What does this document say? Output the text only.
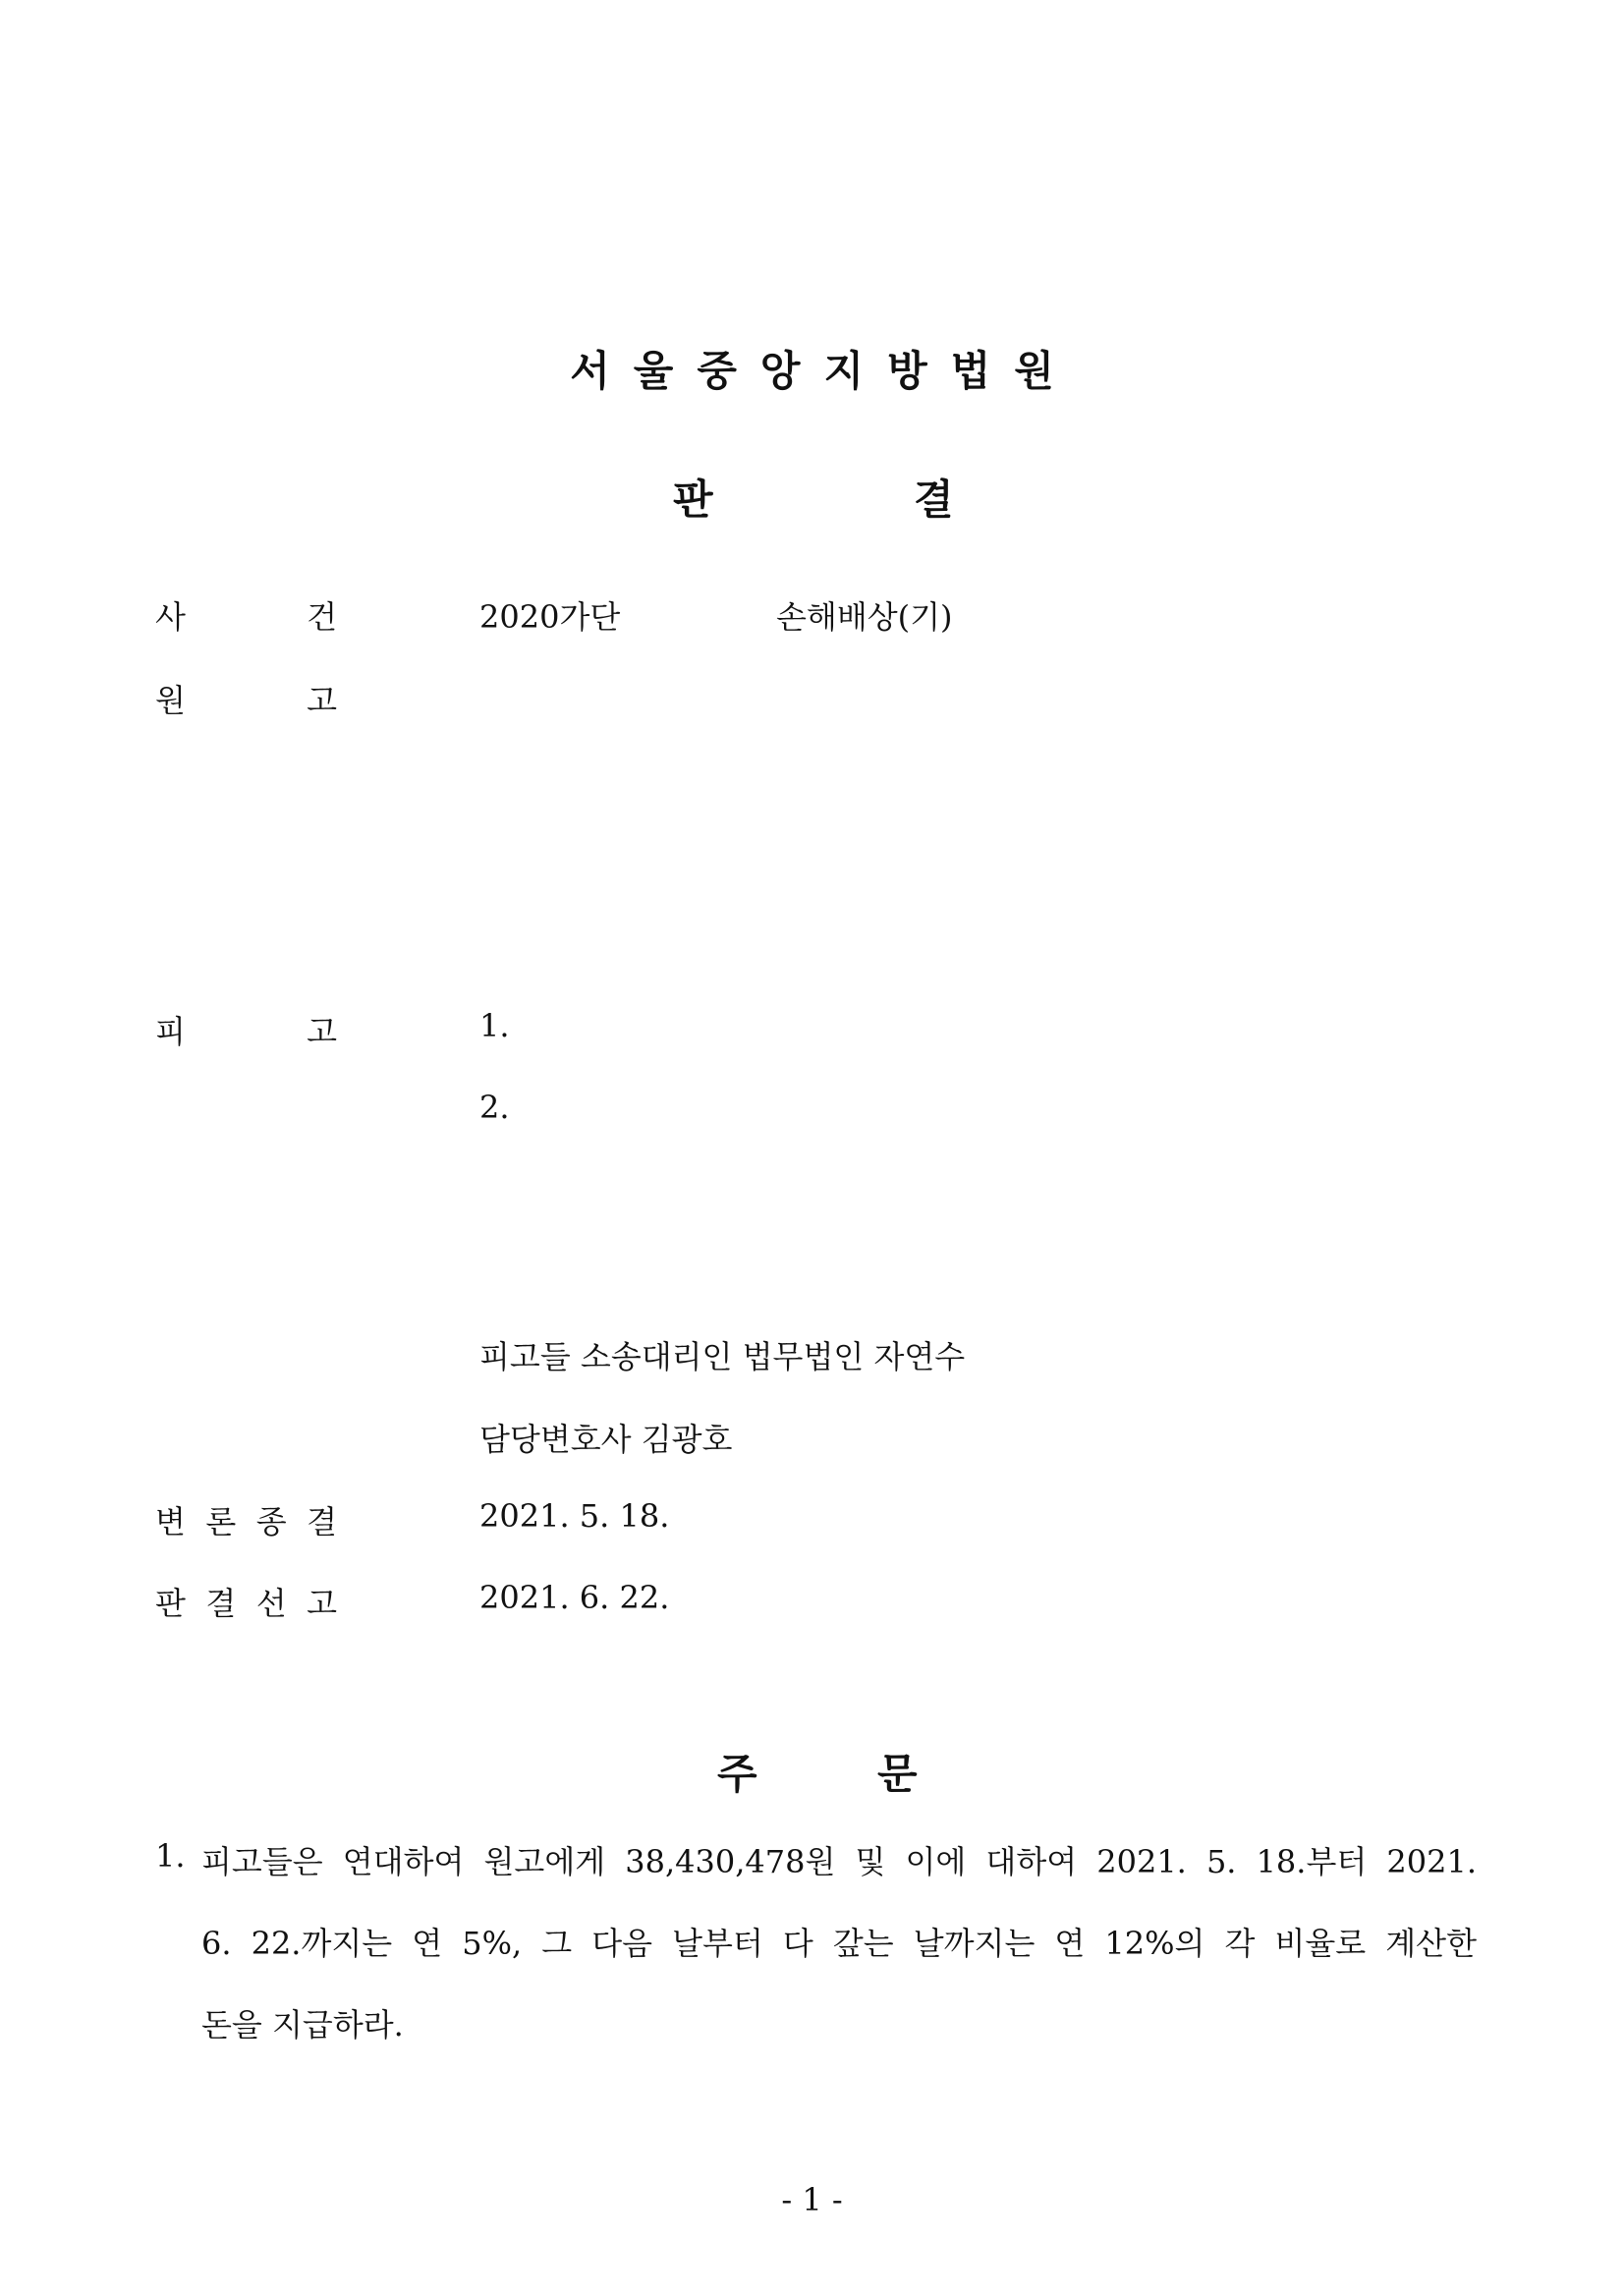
서울중앙지방법원
판	결
사	건	2020가단	손해배상(기)
원	고
피	고	1.
2.
피고들 소송대리인 법무법인 자연수
담당변호사 김광호
변 론 종 결	2021. 5. 18.
판 결 선 고	2021. 6. 22.
주	문
1. 피고들은 연대하여 원고에게 38,430,478원 및 이에 대하여 2021. 5. 18.부터 2021.
6. 22.까지는 연 5%, 그 다음 날부터 다 갚는 날까지는 연 12%의 각 비율로 계산한
돈을 지급하라.
- 1 -
